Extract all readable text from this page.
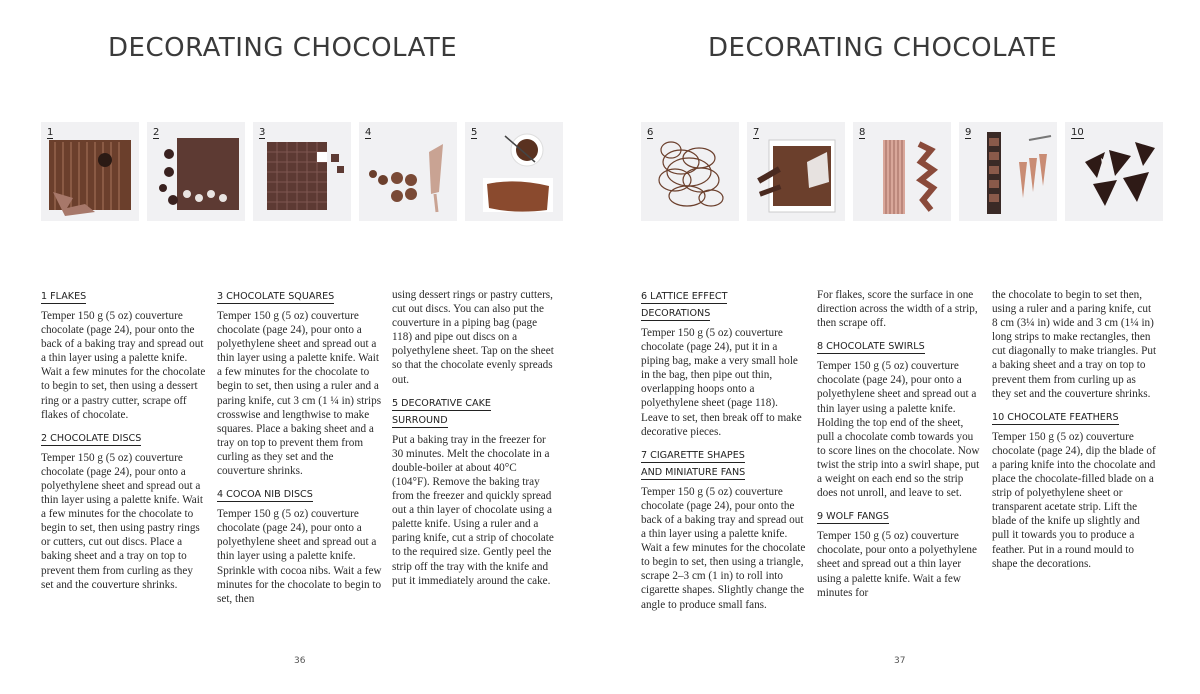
DECORATING CHOCOLATE
1	2	3	4	5
1 FLAKES

Temper 150 g (5 oz) couverture chocolate (page 24), pour onto the back of a baking tray and spread out a thin layer using a palette knife. Wait a few minutes for the chocolate to begin to set, then using a dessert ring or a pastry cutter, scrape off flakes of chocolate.

2 CHOCOLATE DISCS

Temper 150 g (5 oz) couverture chocolate (page 24), pour onto a polyethylene sheet and spread out a thin layer using a palette knife. Wait a few minutes for the chocolate to begin to set, then using pastry rings or cutters, cut out discs. Place a baking sheet and a tray on top to prevent them from curling as they set and the couverture shrinks.

3 CHOCOLATE SQUARES

Temper 150 g (5 oz) couverture chocolate (page 24), pour onto a polyethylene sheet and spread out a thin layer using a palette knife. Wait a few minutes for the chocolate to begin to set, then using a ruler and a paring knife, cut 3 cm (1 ¼ in) strips crosswise and lengthwise to make squares. Place a baking sheet and a tray on top to prevent them from curling as they set and the couverture shrinks.

4 COCOA NIB DISCS

Temper 150 g (5 oz) couverture chocolate (page 24), pour onto a polyethylene sheet and spread out a thin layer using a palette knife. Sprinkle with cocoa nibs. Wait a few minutes for the chocolate to begin to set, then

using dessert rings or pastry cutters, cut out discs. You can also put the couverture in a piping bag (page 118) and pipe out discs on a polyethylene sheet. Tap on the sheet so that the chocolate evenly spreads out.

5 DECORATIVE CAKE SURROUND

Put a baking tray in the freezer for 30 minutes. Melt the chocolate in a double-boiler at about 40°C (104°F). Remove the baking tray from the freezer and quickly spread out a thin layer of chocolate using a palette knife. Using a ruler and a paring knife, cut a strip of chocolate to the required size. Gently peel the strip off the tray with the knife and put it immediately around the cake.

36
DECORATING CHOCOLATE
6	7	8	9	10
6 LATTICE EFFECT DECORATIONS

Temper 150 g (5 oz) couverture chocolate (page 24), put it in a piping bag, make a very small hole in the bag, then pipe out thin, overlapping hoops onto a polyethylene sheet (page 118). Leave to set, then break off to make decorative pieces.

7 CIGARETTE SHAPES AND MINIATURE FANS

Temper 150 g (5 oz) couverture chocolate (page 24), pour onto the back of a baking tray and spread out a thin layer using a palette knife. Wait a few minutes for the chocolate to begin to set, then using a triangle, scrape 2–3 cm (1 in) to roll into cigarette shapes. Slightly change the angle to produce small fans.

For flakes, score the surface in one direction across the width of a strip, then scrape off.

8 CHOCOLATE SWIRLS

Temper 150 g (5 oz) couverture chocolate (page 24), pour onto a polyethylene sheet and spread out a thin layer using a palette knife. Holding the top end of the sheet, pull a chocolate comb towards you to score lines on the chocolate. Now twist the strip into a swirl shape, put a weight on each end so the strip does not unroll, and leave to set.

9 WOLF FANGS

Temper 150 g (5 oz) couverture chocolate, pour onto a polyethylene sheet and spread out a thin layer using a palette knife. Wait a few minutes for

the chocolate to begin to set then, using a ruler and a paring knife, cut 8 cm (3¼ in) wide and 3 cm (1¼ in) long strips to make rectangles, then cut diagonally to make triangles. Put a baking sheet and a tray on top to prevent them from curling up as they set and the couverture shrinks.

10 CHOCOLATE FEATHERS

Temper 150 g (5 oz) couverture chocolate (page 24), dip the blade of a paring knife into the chocolate and place the chocolate-filled blade on a strip of polyethylene sheet or transparent acetate strip. Lift the blade of the knife up slightly and pull it towards you to produce a feather. Put in a round mould to shape the decorations.

37
